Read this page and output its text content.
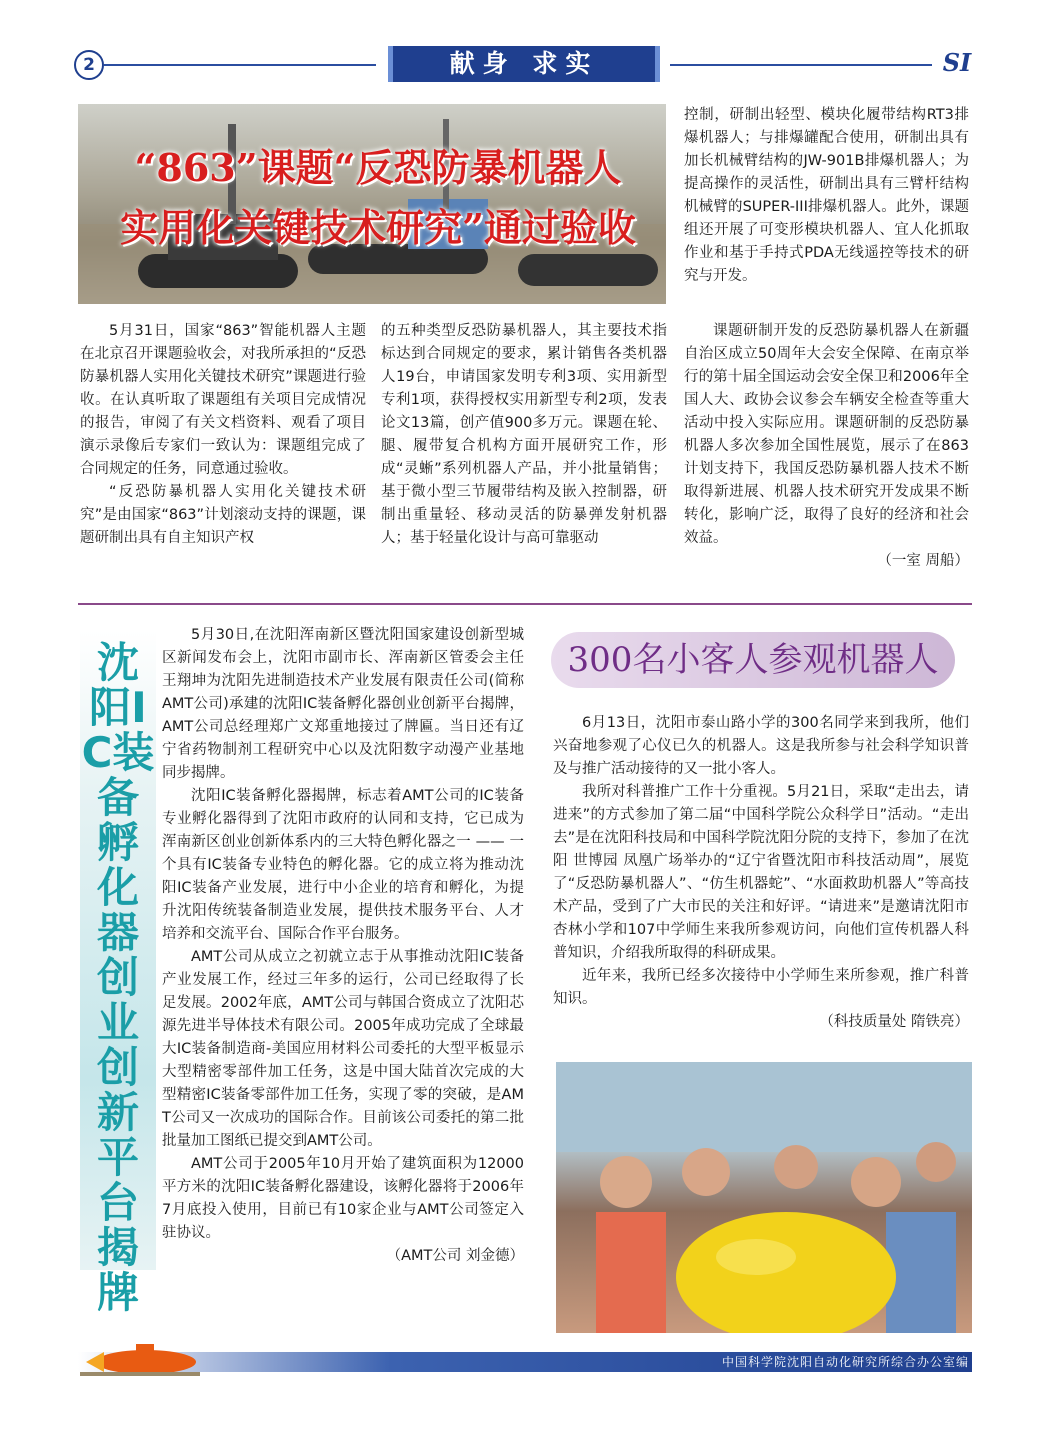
2	献身 求实	SI
“863”课题“反恐防暴机器人
实用化关键技术研究”通过验收

5月31日，国家“863”智能机器人主题在北京召开课题验收会，对我所承担的“反恐防暴机器人实用化关键技术研究”课题进行验收。在认真听取了课题组有关项目完成情况的报告，审阅了有关文档资料、观看了项目演示录像后专家们一致认为：课题组完成了合同规定的任务，同意通过验收。

“反恐防暴机器人实用化关键技术研究”是由国家“863”计划滚动支持的课题，课题研制出具有自主知识产权

的五种类型反恐防暴机器人，其主要技术指标达到合同规定的要求，累计销售各类机器人19台，申请国家发明专利3项、实用新型专利1项，获得授权实用新型专利2项，发表论文13篇，创产值900多万元。课题在轮、腿、履带复合机构方面开展研究工作，形成“灵蜥”系列机器人产品，并小批量销售；基于微小型三节履带结构及嵌入控制器，研制出重量轻、移动灵活的防暴弹发射机器人；基于轻量化设计与高可靠驱动

控制，研制出轻型、模块化履带结构RT3排爆机器人；与排爆罐配合使用，研制出具有加长机械臂结构的JW-901B排爆机器人；为提高操作的灵活性，研制出具有三臂杆结构机械臂的SUPER-III排爆机器人。此外，课题组还开展了可变形模块机器人、宜人化抓取作业和基于手持式PDA无线遥控等技术的研究与开发。

课题研制开发的反恐防暴机器人在新疆自治区成立50周年大会安全保障、在南京举行的第十届全国运动会安全保卫和2006年全国人大、政协会议参会车辆安全检查等重大活动中投入实际应用。课题研制的反恐防暴机器人多次参加全国性展览，展示了在863计划支持下，我国反恐防暴机器人技术不断取得新进展、机器人技术研究开发成果不断转化，影响广泛，取得了良好的经济和社会效益。

（一室 周船）
沈阳IC装备孵化器创业创新平台揭牌

5月30日,在沈阳浑南新区暨沈阳国家建设创新型城区新闻发布会上，沈阳市副市长、浑南新区管委会主任王翔坤为沈阳先进制造技术产业发展有限责任公司(简称AMT公司)承建的沈阳IC装备孵化器创业创新平台揭牌，AMT公司总经理郑广文郑重地接过了牌匾。当日还有辽宁省药物制剂工程研究中心以及沈阳数字动漫产业基地同步揭牌。

沈阳IC装备孵化器揭牌，标志着AMT公司的IC装备专业孵化器得到了沈阳市政府的认同和支持，它已成为浑南新区创业创新体系内的三大特色孵化器之一 —— 一个具有IC装备专业特色的孵化器。它的成立将为推动沈阳IC装备产业发展，进行中小企业的培育和孵化，为提升沈阳传统装备制造业发展，提供技术服务平台、人才培养和交流平台、国际合作平台服务。

AMT公司从成立之初就立志于从事推动沈阳IC装备产业发展工作，经过三年多的运行，公司已经取得了长足发展。2002年底，AMT公司与韩国合资成立了沈阳芯源先进半导体技术有限公司。2005年成功完成了全球最大IC装备制造商-美国应用材料公司委托的大型平板显示大型精密零部件加工任务，这是中国大陆首次完成的大型精密IC装备零部件加工任务，实现了零的突破，是AMT公司又一次成功的国际合作。目前该公司委托的第二批批量加工图纸已提交到AMT公司。

AMT公司于2005年10月开始了建筑面积为12000平方米的沈阳IC装备孵化器建设，该孵化器将于2006年7月底投入使用，目前已有10家企业与AMT公司签定入驻协议。

（AMT公司 刘金德）
300名小客人参观机器人

6月13日，沈阳市泰山路小学的300名同学来到我所，他们兴奋地参观了心仪已久的机器人。这是我所参与社会科学知识普及与推广活动接待的又一批小客人。

我所对科普推广工作十分重视。5月21日，采取“走出去，请进来”的方式参加了第二届“中国科学院公众科学日”活动。“走出去”是在沈阳科技局和中国科学院沈阳分院的支持下，参加了在沈阳 世博园 凤凰广场举办的“辽宁省暨沈阳市科技活动周”，展览了“反恐防暴机器人”、“仿生机器蛇”、“水面救助机器人”等高技术产品，受到了广大市民的关注和好评。“请进来”是邀请沈阳市杏林小学和107中学师生来我所参观访问，向他们宣传机器人科普知识，介绍我所取得的科研成果。

近年来，我所已经多次接待中小学师生来所参观，推广科普知识。

（科技质量处 隋铁亮）
中国科学院沈阳自动化研究所综合办公室编
